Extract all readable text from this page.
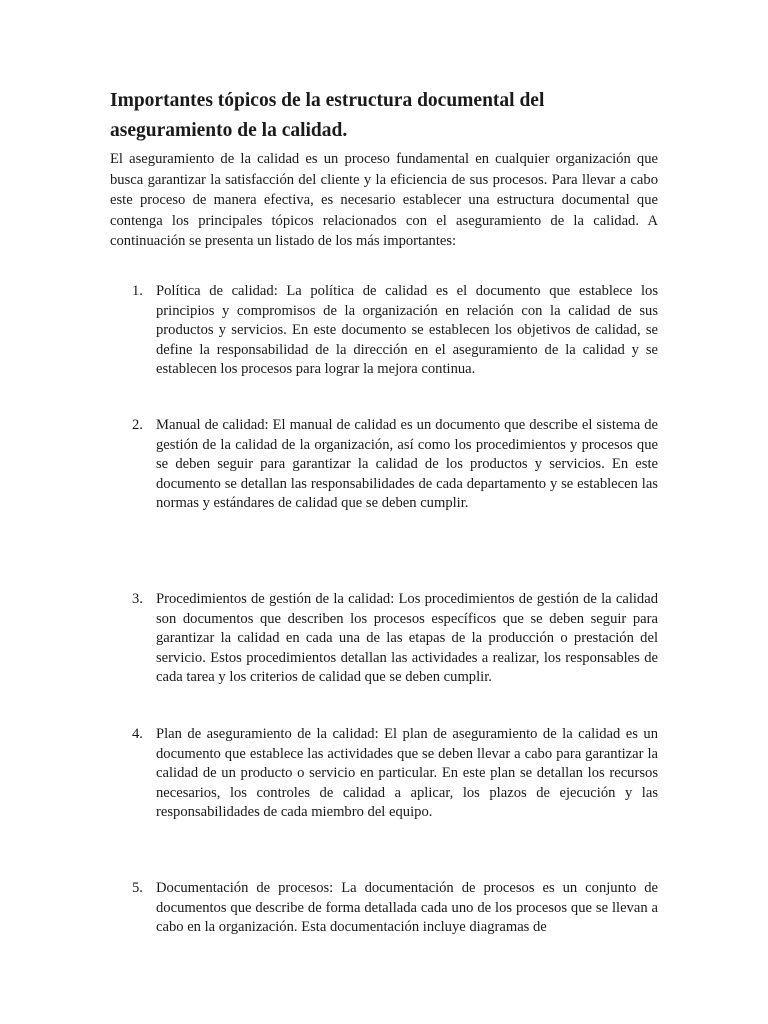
Importantes tópicos de la estructura documental del aseguramiento de la calidad.

El aseguramiento de la calidad es un proceso fundamental en cualquier organización que busca garantizar la satisfacción del cliente y la eficiencia de sus procesos. Para llevar a cabo este proceso de manera efectiva, es necesario establecer una estructura documental que contenga los principales tópicos relacionados con el aseguramiento de la calidad. A continuación se presenta un listado de los más importantes:

1. Política de calidad: La política de calidad es el documento que establece los principios y compromisos de la organización en relación con la calidad de sus productos y servicios. En este documento se establecen los objetivos de calidad, se define la responsabilidad de la dirección en el aseguramiento de la calidad y se establecen los procesos para lograr la mejora continua.
2. Manual de calidad: El manual de calidad es un documento que describe el sistema de gestión de la calidad de la organización, así como los procedimientos y procesos que se deben seguir para garantizar la calidad de los productos y servicios. En este documento se detallan las responsabilidades de cada departamento y se establecen las normas y estándares de calidad que se deben cumplir.
3. Procedimientos de gestión de la calidad: Los procedimientos de gestión de la calidad son documentos que describen los procesos específicos que se deben seguir para garantizar la calidad en cada una de las etapas de la producción o prestación del servicio. Estos procedimientos detallan las actividades a realizar, los responsables de cada tarea y los criterios de calidad que se deben cumplir.
4. Plan de aseguramiento de la calidad: El plan de aseguramiento de la calidad es un documento que establece las actividades que se deben llevar a cabo para garantizar la calidad de un producto o servicio en particular. En este plan se detallan los recursos necesarios, los controles de calidad a aplicar, los plazos de ejecución y las responsabilidades de cada miembro del equipo.
5. Documentación de procesos: La documentación de procesos es un conjunto de documentos que describe de forma detallada cada uno de los procesos que se llevan a cabo en la organización. Esta documentación incluye diagramas de
